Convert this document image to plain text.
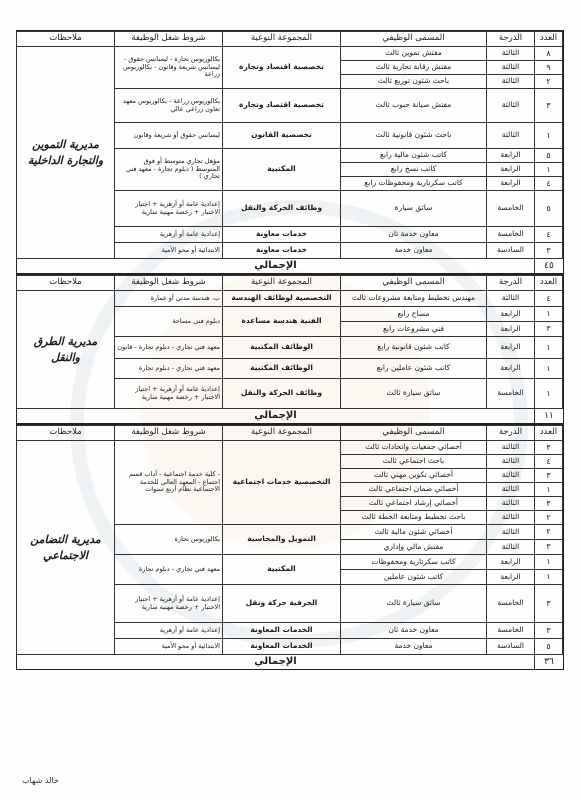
العدد	الدرجة	المسمى الوظيفي	المجموعة النوعية	شروط شغل الوظيفة	ملاحظات
٨	الثالثة	مفتش تموين ثالث	تخصصية اقتصاد وتجارة	بكالوريوس تجارة - ليسانس حقوق - ليسانس شريعة وقانون - بكالوريوس زراعة	مديرية التموين والتجارة الداخلية
٩	الثالثة	مفتش رقابة تجارية ثالث			
٢	الثالثة	باحث شئون توزيع ثالث			
٣	الثالثة	مفتش صيانة حبوب ثالث	تخصصية اقتصاد وتجارة	بكالوريوس زراعة - بكالوريوس معهد تعاون زراعي عالي	
١	الثالثة	باحث شئون قانونية ثالث	تخصصية القانون	ليسانس حقوق أو شريعة وقانون	
٥	الرابعة	كاتب شئون مالية رابع	المكتبية	مؤهل تجاري متوسط أو فوق المتوسط ( دبلوم تجارة - معهد فني تجاري )	
١	الرابعة	كاتب نسخ رابع			
٤	الرابعة	كاتب سكرتارية ومحفوظات رابع			
٥	الخامسة	سائق سيارة	وظائف الحركة والنقل	إعدادية عامة أو أزهرية + اجتياز الاختبار + رخصة مهنية سارية	
٤	الخامسة	معاون خدمة ثان	خدمات معاونة	إعدادية عامة أو أزهرية	
٣	السادسة	معاون خدمة	خدمات معاونة	الابتدائية أو محو الأمية	
٤٥
الإجمالي
العدد	الدرجة	المسمى الوظيفي	المجموعة النوعية	شروط شغل الوظيفة	ملاحظات
٤	الثالثة	مهندس تخطيط ومتابعة مشروعات ثالث	التخصصية لوظائف الهندسة	ب. هندسة مدني أو عمارة	مديرية الطرق والنقل
١	الرابعة	مساح رابع	الفنية هندسة مساعدة	دبلوم فني مساحة	
٣	الرابعة	فني مشروعات رابع			
١	الرابعة	كاتب شئون قانونية رابع	الوظائف المكتبية	معهد فني تجاري - دبلوم تجارة - قانون	
١	الرابعة	كاتب شئون عاملين رابع	الوظائف المكتبية	معهد فني تجاري - دبلوم تجارة	
١	الخامسة	سائق سيارة ثالث	وظائف الحركة والنقل	إعدادية عامة أو أزهرية + اجتياز الاختبار + رخصة مهنية سارية	
١١
الإجمالي
العدد	الدرجة	المسمى الوظيفي	المجموعة النوعية	شروط شغل الوظيفة	ملاحظات
٣	الثالثة	أخصائي جمعيات واتحادات ثالث	التخصصية خدمات اجتماعية	- كلية خدمة اجتماعية - آداب قسم اجتماع - المعهد العالي للخدمة الاجتماعية نظام أربع سنوات	مديرية التضامن الاجتماعي
٤	الثالثة	باحث اجتماعي ثالث			
٣	الثالثة	أخصائي تكوين مهني ثالث			
١	الثالثة	أخصائي ضمان اجتماعي ثالث			
٣	الثالثة	أخصائي إرشاد اجتماعي ثالث			
٢	الثالثة	باحث تخطيط ومتابعة الخطة ثالث			
٢	الثالثة	أخصائي شئون مالية ثالث	التمويل والمحاسبة	بكالوريوس تجارة	
٣	الثالثة	مفتش مالي وإداري			
١	الرابعة	كاتب سكرتارية ومحفوظات	المكتبية	معهد فني تجاري - دبلوم تجارة	
١	الرابعة	كاتب شئون عاملين			
٣	الخامسة	سائق سيارة ثالث	الحرفية حركة ونقل	إعدادية عامة أو أزهرية + اجتياز الاختبار + رخصة مهنية سارية	
٣	الخامسة	معاون خدمة ثان	الخدمات المعاونة	إعدادية عامة أو أزهرية	
٥	السادسة	معاون خدمة	الخدمات المعاونة	الابتدائية أو محو الأمية	
٣٦
الإجمالي
خالد شهاب
